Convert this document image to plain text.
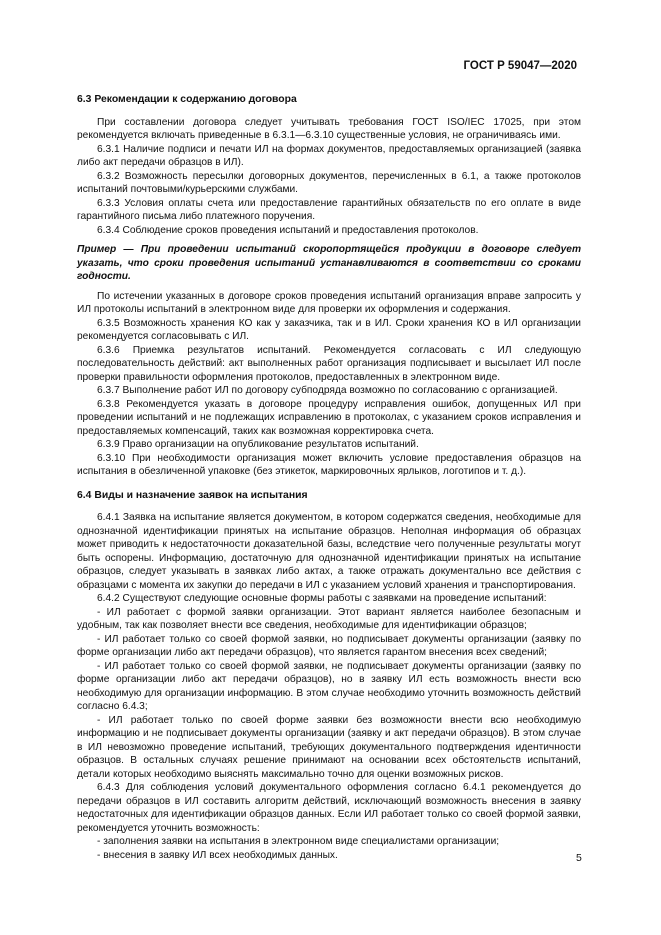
ГОСТ Р 59047—2020
6.3 Рекомендации к содержанию договора

При составлении договора следует учитывать требования ГОСТ ISO/IEC 17025, при этом рекомендуется включать приведенные в 6.3.1—6.3.10 существенные условия, не ограничиваясь ими.

6.3.1 Наличие подписи и печати ИЛ на формах документов, предоставляемых организацией (заявка либо акт передачи образцов в ИЛ).

6.3.2 Возможность пересылки договорных документов, перечисленных в 6.1, а также протоколов испытаний почтовыми/курьерскими службами.

6.3.3 Условия оплаты счета или предоставление гарантийных обязательств по его оплате в виде гарантийного письма либо платежного поручения.

6.3.4 Соблюдение сроков проведения испытаний и предоставления протоколов.

Пример — При проведении испытаний скоропортящейся продукции в договоре следует указать, что сроки проведения испытаний устанавливаются в соответствии со сроками годности.

По истечении указанных в договоре сроков проведения испытаний организация вправе запросить у ИЛ протоколы испытаний в электронном виде для проверки их оформления и содержания.

6.3.5 Возможность хранения КО как у заказчика, так и в ИЛ. Сроки хранения КО в ИЛ организации рекомендуется согласовывать с ИЛ.

6.3.6 Приемка результатов испытаний. Рекомендуется согласовать с ИЛ следующую последовательность действий: акт выполненных работ организация подписывает и высылает ИЛ после проверки правильности оформления протоколов, предоставленных в электронном виде.

6.3.7 Выполнение работ ИЛ по договору субподряда возможно по согласованию с организацией.

6.3.8 Рекомендуется указать в договоре процедуру исправления ошибок, допущенных ИЛ при проведении испытаний и не подлежащих исправлению в протоколах, с указанием сроков исправления и предоставляемых компенсаций, таких как возможная корректировка счета.

6.3.9 Право организации на опубликование результатов испытаний.

6.3.10 При необходимости организация может включить условие предоставления образцов на испытания в обезличенной упаковке (без этикеток, маркировочных ярлыков, логотипов и т. д.).

6.4 Виды и назначение заявок на испытания

6.4.1 Заявка на испытание является документом, в котором содержатся сведения, необходимые для однозначной идентификации принятых на испытание образцов. Неполная информация об образцах может приводить к недостаточности доказательной базы, вследствие чего полученные результаты могут быть оспорены. Информацию, достаточную для однозначной идентификации принятых на испытание образцов, следует указывать в заявках либо актах, а также отражать документально все действия с образцами с момента их закупки до передачи в ИЛ с указанием условий хранения и транспортирования.

6.4.2 Существуют следующие основные формы работы с заявками на проведение испытаний:

- ИЛ работает с формой заявки организации. Этот вариант является наиболее безопасным и удобным, так как позволяет внести все сведения, необходимые для идентификации образцов;

- ИЛ работает только со своей формой заявки, но подписывает документы организации (заявку по форме организации либо акт передачи образцов), что является гарантом внесения всех сведений;

- ИЛ работает только со своей формой заявки, не подписывает документы организации (заявку по форме организации либо акт передачи образцов), но в заявку ИЛ есть возможность внести всю необходимую для организации информацию. В этом случае необходимо уточнить возможность действий согласно 6.4.3;

- ИЛ работает только по своей форме заявки без возможности внести всю необходимую информацию и не подписывает документы организации (заявку и акт передачи образцов). В этом случае в ИЛ невозможно проведение испытаний, требующих документального подтверждения идентичности образцов. В остальных случаях решение принимают на основании всех обстоятельств испытаний, детали которых необходимо выяснять максимально точно для оценки возможных рисков.

6.4.3 Для соблюдения условий документального оформления согласно 6.4.1 рекомендуется до передачи образцов в ИЛ составить алгоритм действий, исключающий возможность внесения в заявку недостаточных для идентификации образцов данных. Если ИЛ работает только со своей формой заявки, рекомендуется уточнить возможность:

- заполнения заявки на испытания в электронном виде специалистами организации;

- внесения в заявку ИЛ всех необходимых данных.	5
